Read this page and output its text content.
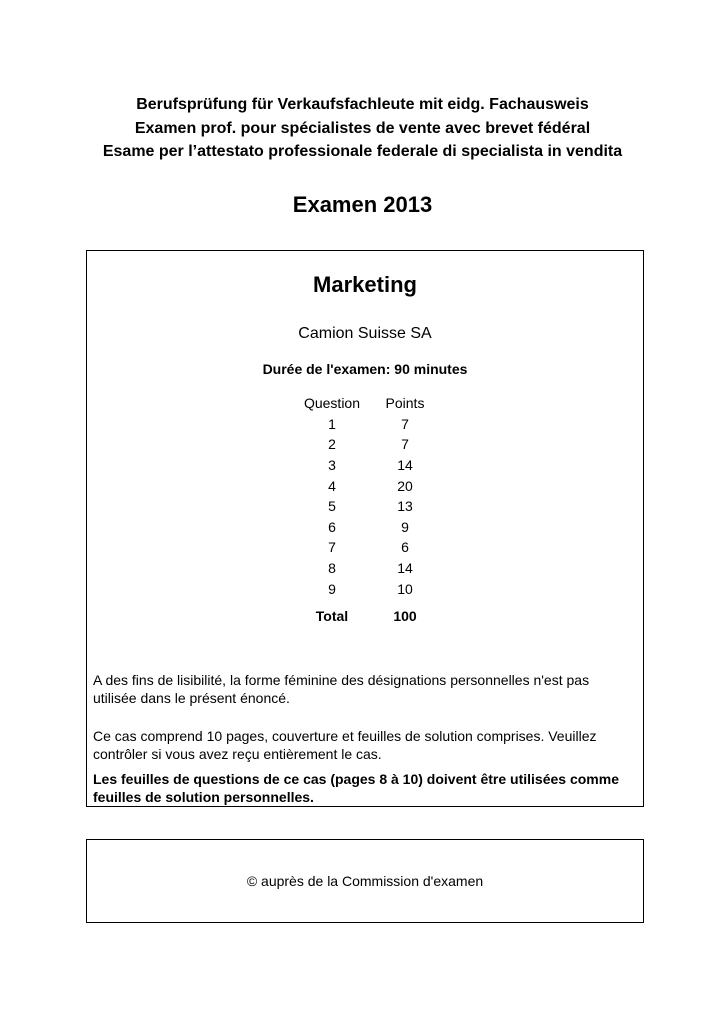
Berufsprüfung für Verkaufsfachleute mit eidg. Fachausweis
Examen prof. pour spécialistes de vente avec brevet fédéral
Esame per l’attestato professionale federale di specialista in vendita
Examen 2013
Marketing
Camion Suisse SA
Durée de l'examen: 90 minutes
Question	Points
1	7
2	7
3	14
4	20
5	13
6	9
7	6
8	14
9	10
Total	100
A des fins de lisibilité, la forme féminine des désignations personnelles n'est pas utilisée dans le présent énoncé.
Ce cas comprend 10 pages, couverture et feuilles de solution comprises. Veuillez contrôler si vous avez reçu entièrement le cas.
Les feuilles de questions de ce cas (pages 8 à 10) doivent être utilisées comme feuilles de solution personnelles.
© auprès de la Commission d'examen
